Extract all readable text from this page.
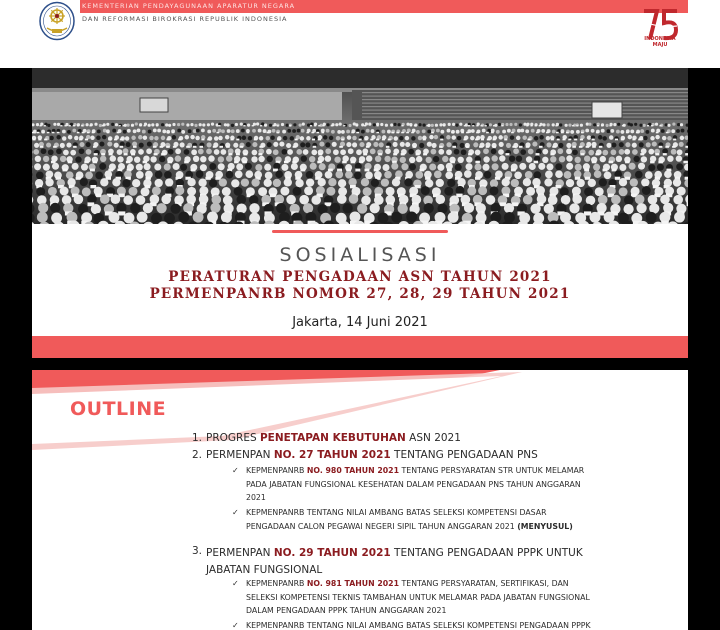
KEMENTERIAN PENDAYAGUNAAN APARATUR NEGARA
DAN REFORMASI BIROKRASI REPUBLIK INDONESIA
INDONESIA
MAJU
SOSIALISASI
PERATURAN PENGADAAN ASN TAHUN 2021
PERMENPANRB NOMOR 27, 28, 29 TAHUN 2021
Jakarta, 14 Juni 2021
OUTLINE
1. PROGRES PENETAPAN KEBUTUHAN ASN 2021
2. PERMENPAN NO. 27 TAHUN 2021 TENTANG PENGADAAN PNS
✓ KEPMENPANRB NO. 980 TAHUN 2021 TENTANG PERSYARATAN STR UNTUK MELAMAR
PADA JABATAN FUNGSIONAL KESEHATAN DALAM PENGADAAN PNS TAHUN ANGGARAN
2021
✓ KEPMENPANRB TENTANG NILAI AMBANG BATAS SELEKSI KOMPETENSI DASAR
PENGADAAN CALON PEGAWAI NEGERI SIPIL TAHUN ANGGARAN 2021 (MENYUSUL)
3. PERMENPAN NO. 29 TAHUN 2021 TENTANG PENGADAAN PPPK UNTUK
JABATAN FUNGSIONAL
✓ KEPMENPANRB NO. 981 TAHUN 2021 TENTANG PERSYARATAN, SERTIFIKASI, DAN
SELEKSI KOMPETENSI TEKNIS TAMBAHAN UNTUK MELAMAR PADA JABATAN FUNGSIONAL
DALAM PENGADAAN PPPK TAHUN ANGGARAN 2021
✓ KEPMENPANRB TENTANG NILAI AMBANG BATAS SELEKSI KOMPETENSI PENGADAAN PPPK
